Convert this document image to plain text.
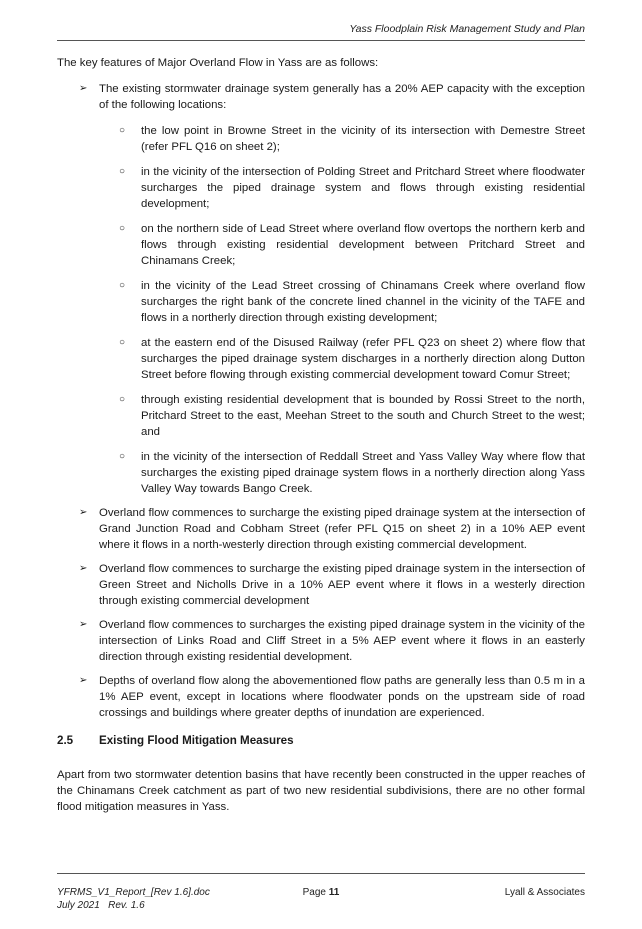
Yass Floodplain Risk Management Study and Plan

The key features of Major Overland Flow in Yass are as follows:

➢ The existing stormwater drainage system generally has a 20% AEP capacity with the exception of the following locations:
○ the low point in Browne Street in the vicinity of its intersection with Demestre Street (refer PFL Q16 on sheet 2);
○ in the vicinity of the intersection of Polding Street and Pritchard Street where floodwater surcharges the piped drainage system and flows through existing residential development;
○ on the northern side of Lead Street where overland flow overtops the northern kerb and flows through existing residential development between Pritchard Street and Chinamans Creek;
○ in the vicinity of the Lead Street crossing of Chinamans Creek where overland flow surcharges the right bank of the concrete lined channel in the vicinity of the TAFE and flows in a northerly direction through existing development;
○ at the eastern end of the Disused Railway (refer PFL Q23 on sheet 2) where flow that surcharges the piped drainage system discharges in a northerly direction along Dutton Street before flowing through existing commercial development toward Comur Street;
○ through existing residential development that is bounded by Rossi Street to the north, Pritchard Street to the east, Meehan Street to the south and Church Street to the west; and
○ in the vicinity of the intersection of Reddall Street and Yass Valley Way where flow that surcharges the existing piped drainage system flows in a northerly direction along Yass Valley Way towards Bango Creek.
➢ Overland flow commences to surcharge the existing piped drainage system at the intersection of Grand Junction Road and Cobham Street (refer PFL Q15 on sheet 2) in a 10% AEP event where it flows in a north-westerly direction through existing commercial development.
➢ Overland flow commences to surcharge the existing piped drainage system in the intersection of Green Street and Nicholls Drive in a 10% AEP event where it flows in a westerly direction through existing commercial development
➢ Overland flow commences to surcharges the existing piped drainage system in the vicinity of the intersection of Links Road and Cliff Street in a 5% AEP event where it flows in an easterly direction through existing residential development.
➢ Depths of overland flow along the abovementioned flow paths are generally less than 0.5 m in a 1% AEP event, except in locations where floodwater ponds on the upstream side of road crossings and buildings where greater depths of inundation are experienced.
2.5 Existing Flood Mitigation Measures

Apart from two stormwater detention basins that have recently been constructed in the upper reaches of the Chinamans Creek catchment as part of two new residential subdivisions, there are no other formal flood mitigation measures in Yass.

YFRMS_V1_Report_[Rev 1.6].doc
July 2021   Rev. 1.6
Page 11	Lyall & Associates
